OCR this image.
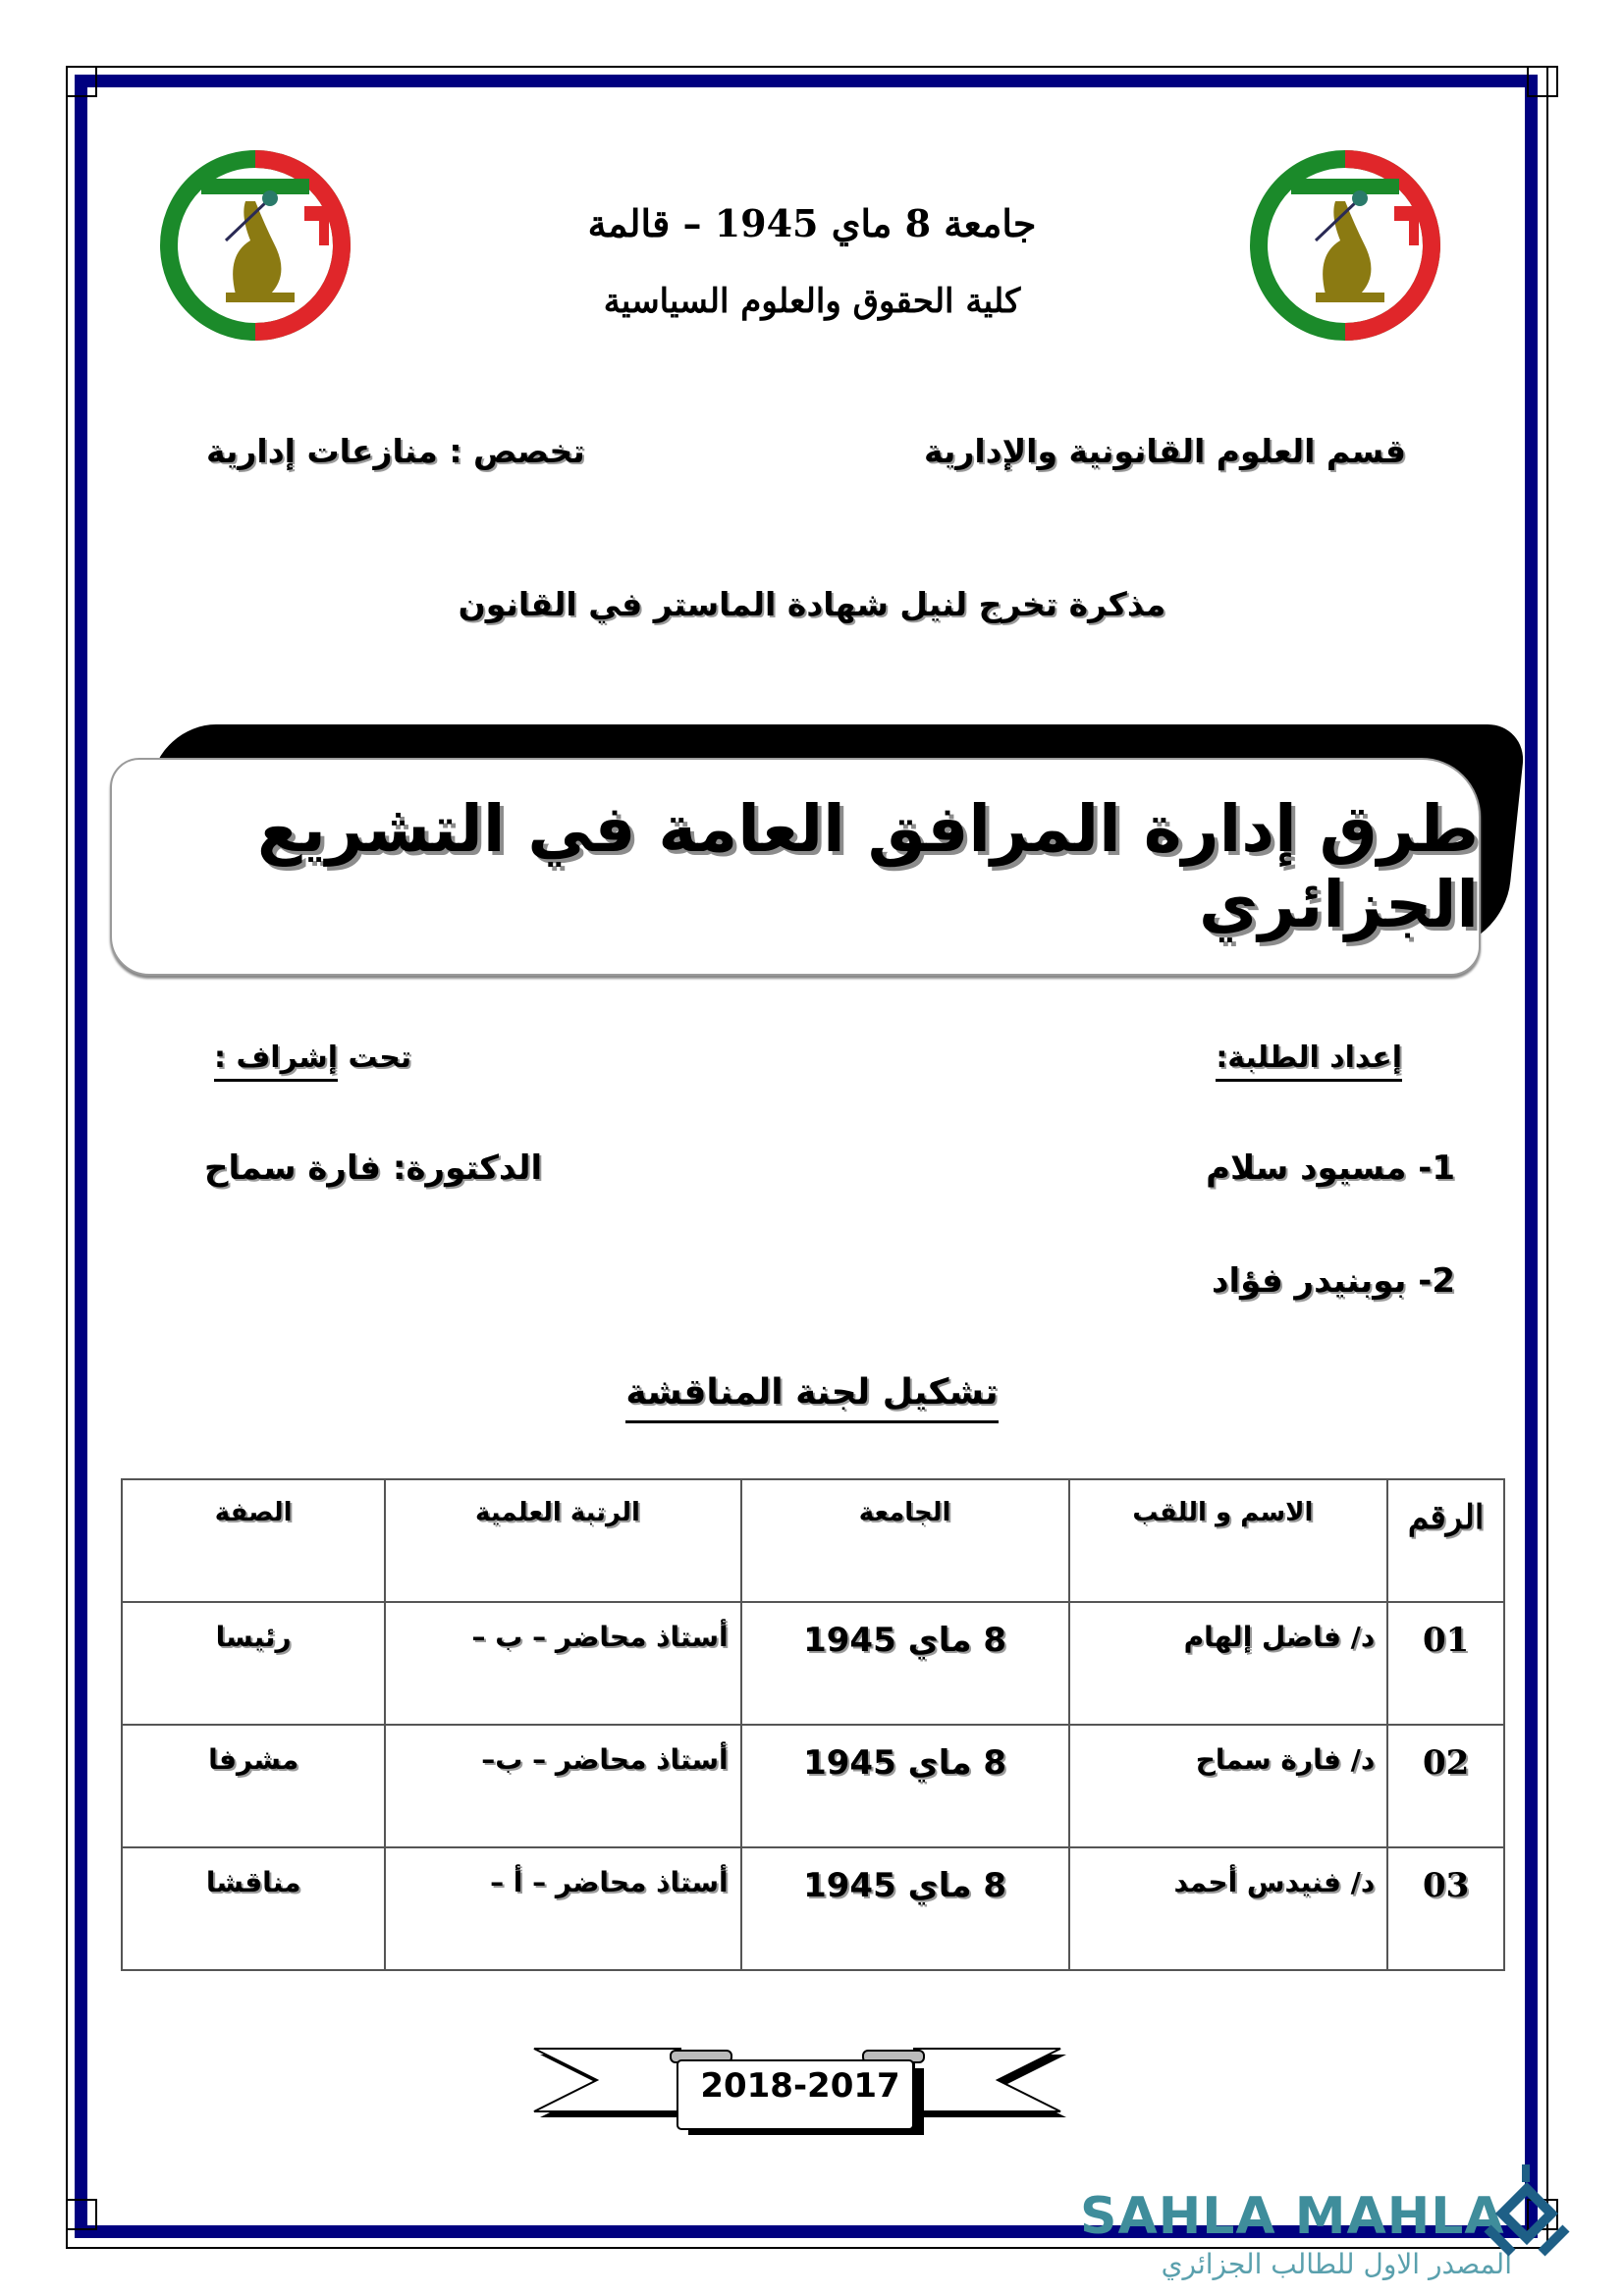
جامعة 8 ماي 1945 – قالمة
كلية الحقوق والعلوم السياسية
قسم العلوم القانونية والإدارية
تخصص : منازعات إدارية
مذكرة تخرج لنيل شهادة الماستر في القانون
طرق إدارة المرافق العامة في التشريع الجزائري
إعداد الطلبة:
تحت إشراف :
1- مسيود سلام
2- بوبنيدر فؤاد
الدكتورة: فارة سماح
تشكيل لجنة المناقشة
الرقم	الاسم و اللقب	الجامعة	الرتبة العلمية	الصفة
01	د/ فاضل إلهام	8 ماي 1945	أستاذ محاضر – ب –	رئيسا
02	د/ فارة سماح	8 ماي 1945	أستاذ محاضر – ب–	مشرفا
03	د/ فنيدس أحمد	8 ماي 1945	أستاذ محاضر – أ –	مناقشا
2018-2017
SAHLA MAHLA
المصدر الاول للطالب الجزائري
